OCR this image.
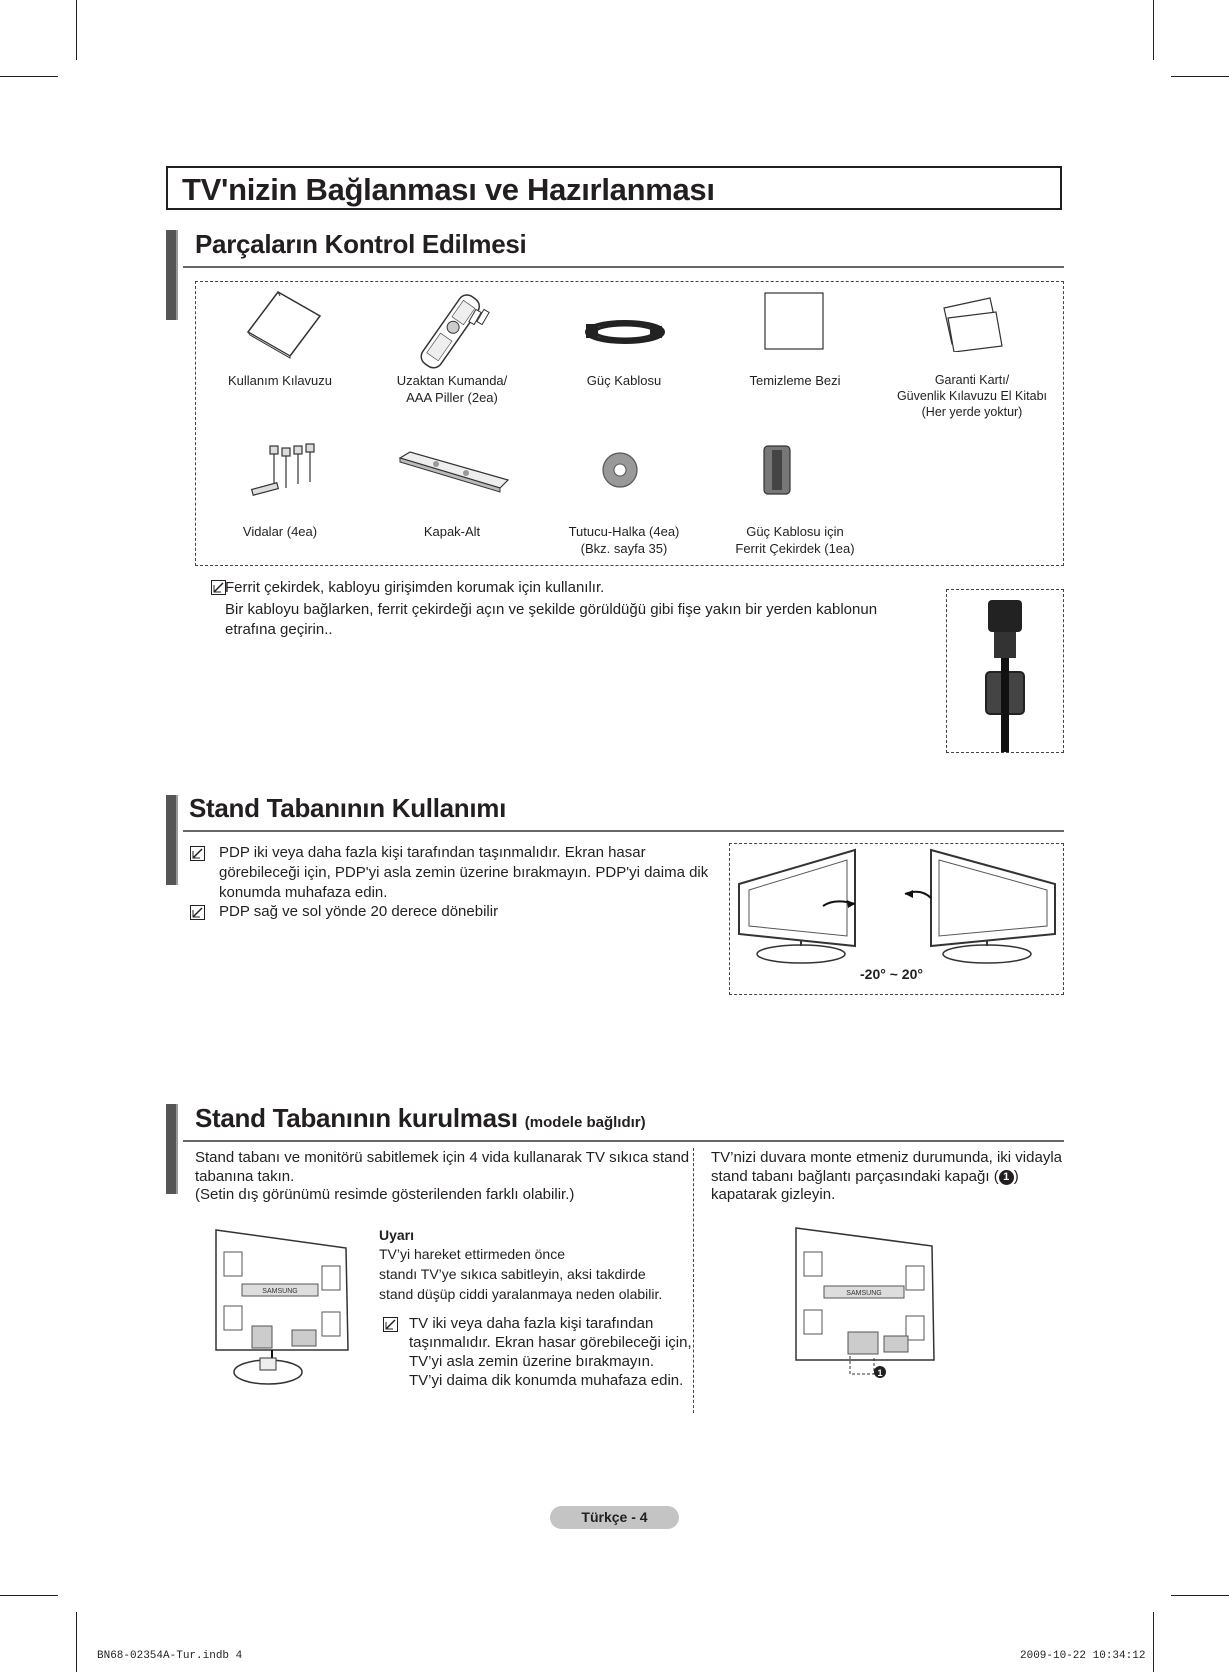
TV'nizin Bağlanması ve Hazırlanması
Parçaların Kontrol Edilmesi
Kullanım Kılavuzu	Uzaktan Kumanda/
AAA Piller (2ea)
Güç Kablosu	Temizleme Bezi	Garanti Kartı/
Güvenlik Kılavuzu El Kitabı
(Her yerde yoktur)
Vidalar (4ea)	Kapak-Alt	Tutucu-Halka (4ea)
(Bkz. sayfa 35)
Güç Kablosu için
Ferrit Çekirdek (1ea)
Ferrit çekirdek, kabloyu girişimden korumak için kullanılır.
Bir kabloyu bağlarken, ferrit çekirdeği açın ve şekilde görüldüğü gibi fişe yakın bir yerden kablonun
etrafına geçirin..
Stand Tabanının Kullanımı
PDP iki veya daha fazla kişi tarafından taşınmalıdır. Ekran hasar
görebileceği için, PDP'yi asla zemin üzerine bırakmayın. PDP'yi daima dik
konumda muhafaza edin.
PDP sağ ve sol yönde 20 derece dönebilir
-20° ~ 20°
Stand Tabanının kurulması (modele bağlıdır)
Stand tabanı ve monitörü sabitlemek için 4 vida kullanarak TV sıkıca stand
tabanına takın.
(Setin dış görünümü resimde gösterilenden farklı olabilir.)
TV’nizi duvara monte etmeniz durumunda, iki vidayla
stand tabanı bağlantı parçasındaki kapağı ( 1 )
kapatarak gizleyin.
SAMSUNG
Uyarı
TV’yi hareket ettirmeden önce
standı TV’ye sıkıca sabitleyin, aksi takdirde
stand düşüp ciddi yaralanmaya neden olabilir.
TV iki veya daha fazla kişi tarafından
taşınmalıdır. Ekran hasar görebileceği için,
TV’yi asla zemin üzerine bırakmayın.
TV’yi daima dik konumda muhafaza edin.
SAMSUNG
1
Türkçe - 4
BN68-02354A-Tur.indb 4	2009-10-22 10:34:12
